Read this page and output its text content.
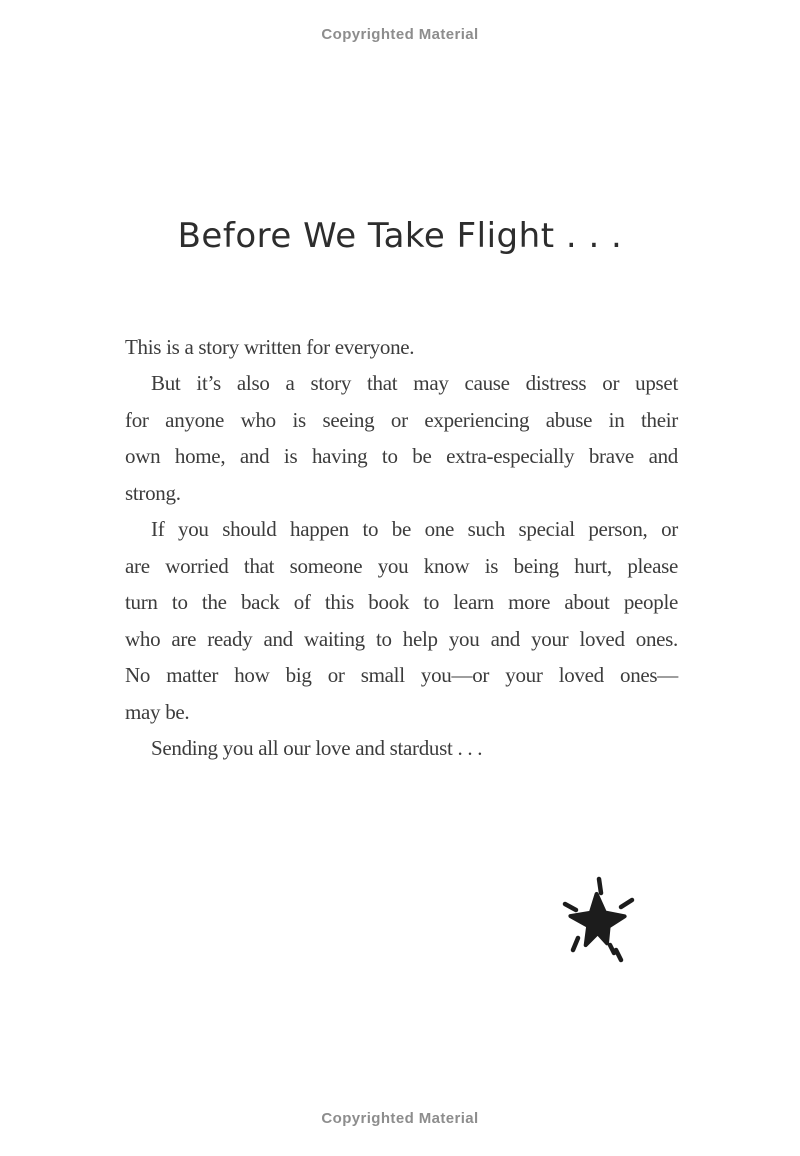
Copyrighted Material
Before We Take Flight . . .
This is a story written for everyone.
But it’s also a story that may cause distress or upset
for anyone who is seeing or experiencing abuse in their
own home, and is having to be extra-especially brave and
strong.
If you should happen to be one such special person, or
are worried that someone you know is being hurt, please
turn to the back of this book to learn more about people
who are ready and waiting to help you and your loved ones.
No matter how big or small you—or your loved ones—
may be.
Sending you all our love and stardust . . .
Copyrighted Material
